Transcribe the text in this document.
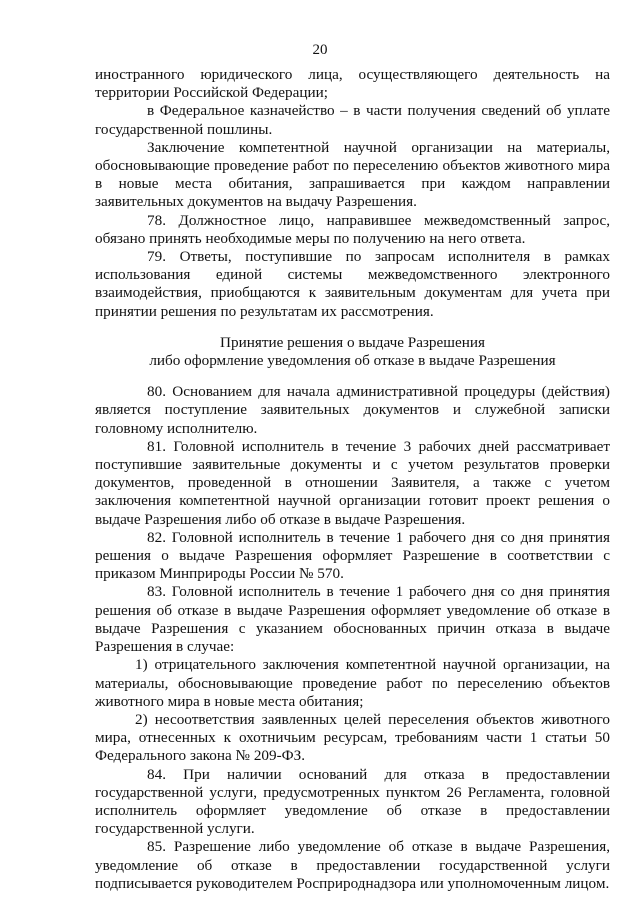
20

иностранного юридического лица, осуществляющего деятельность на территории Российской Федерации;

в Федеральное казначейство – в части получения сведений об уплате государственной пошлины.

Заключение компетентной научной организации на материалы, обосновывающие проведение работ по переселению объектов животного мира в новые места обитания, запрашивается при каждом направлении заявительных документов на выдачу Разрешения.

78. Должностное лицо, направившее межведомственный запрос, обязано принять необходимые меры по получению на него ответа.

79. Ответы, поступившие по запросам исполнителя в рамках использования единой системы межведомственного электронного взаимодействия, приобщаются к заявительным документам для учета при принятии решения по результатам их рассмотрения.

Принятие решения о выдаче Разрешения
либо оформление уведомления об отказе в выдаче Разрешения

80. Основанием для начала административной процедуры (действия) является поступление заявительных документов и служебной записки головному исполнителю.

81. Головной исполнитель в течение 3 рабочих дней рассматривает поступившие заявительные документы и с учетом результатов проверки документов, проведенной в отношении Заявителя, а также с учетом заключения компетентной научной организации готовит проект решения о выдаче Разрешения либо об отказе в выдаче Разрешения.

82. Головной исполнитель в течение 1 рабочего дня со дня принятия решения о выдаче Разрешения оформляет Разрешение в соответствии с приказом Минприроды России № 570.

83. Головной исполнитель в течение 1 рабочего дня со дня принятия решения об отказе в выдаче Разрешения оформляет уведомление об отказе в выдаче Разрешения с указанием обоснованных причин отказа в выдаче Разрешения в случае:

1) отрицательного заключения компетентной научной организации, на материалы, обосновывающие проведение работ по переселению объектов животного мира в новые места обитания;

2) несоответствия заявленных целей переселения объектов животного мира, отнесенных к охотничьим ресурсам, требованиям части 1 статьи 50 Федерального закона № 209-ФЗ.

84. При наличии оснований для отказа в предоставлении государственной услуги, предусмотренных пунктом 26 Регламента, головной исполнитель оформляет уведомление об отказе в предоставлении государственной услуги.

85. Разрешение либо уведомление об отказе в выдаче Разрешения, уведомление об отказе в предоставлении государственной услуги подписывается руководителем Росприроднадзора или уполномоченным лицом.
